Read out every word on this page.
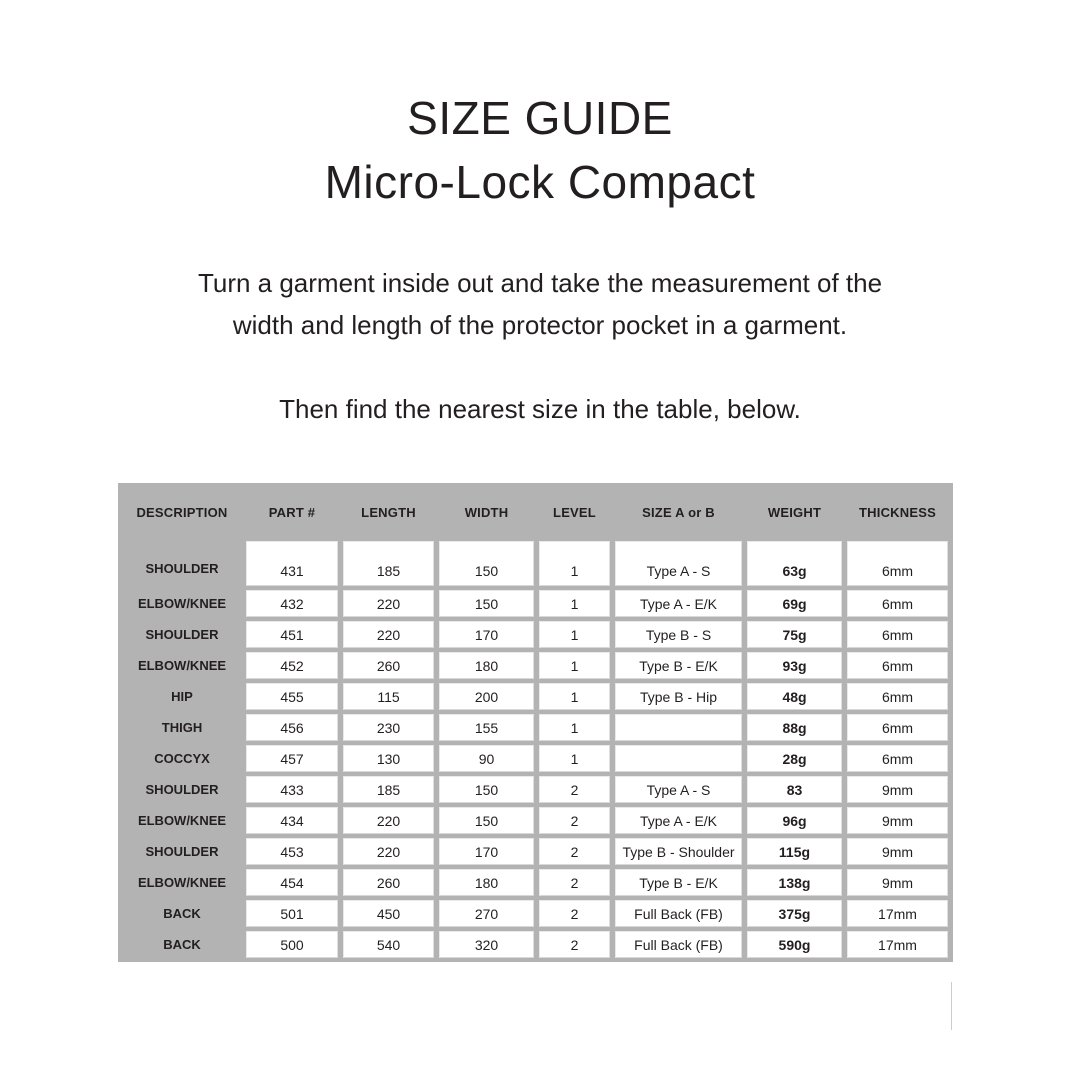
SIZE GUIDE
Micro-Lock Compact
Turn a garment inside out and take the measurement of the
width and length of the protector pocket in a garment.
Then find the nearest size in the table, below.
DESCRIPTION	PART #	LENGTH	WIDTH	LEVEL	SIZE A or B	WEIGHT	THICKNESS
SHOULDER	431	185	150	1	Type A - S	63g	6mm
ELBOW/KNEE	432	220	150	1	Type A - E/K	69g	6mm
SHOULDER	451	220	170	1	Type B - S	75g	6mm
ELBOW/KNEE	452	260	180	1	Type B - E/K	93g	6mm
HIP	455	115	200	1	Type B - Hip	48g	6mm
THIGH	456	230	155	1		88g	6mm
COCCYX	457	130	90	1		28g	6mm
SHOULDER	433	185	150	2	Type A - S	83	9mm
ELBOW/KNEE	434	220	150	2	Type A - E/K	96g	9mm
SHOULDER	453	220	170	2	Type B - Shoulder	115g	9mm
ELBOW/KNEE	454	260	180	2	Type B - E/K	138g	9mm
BACK	501	450	270	2	Full Back (FB)	375g	17mm
BACK	500	540	320	2	Full Back (FB)	590g	17mm
